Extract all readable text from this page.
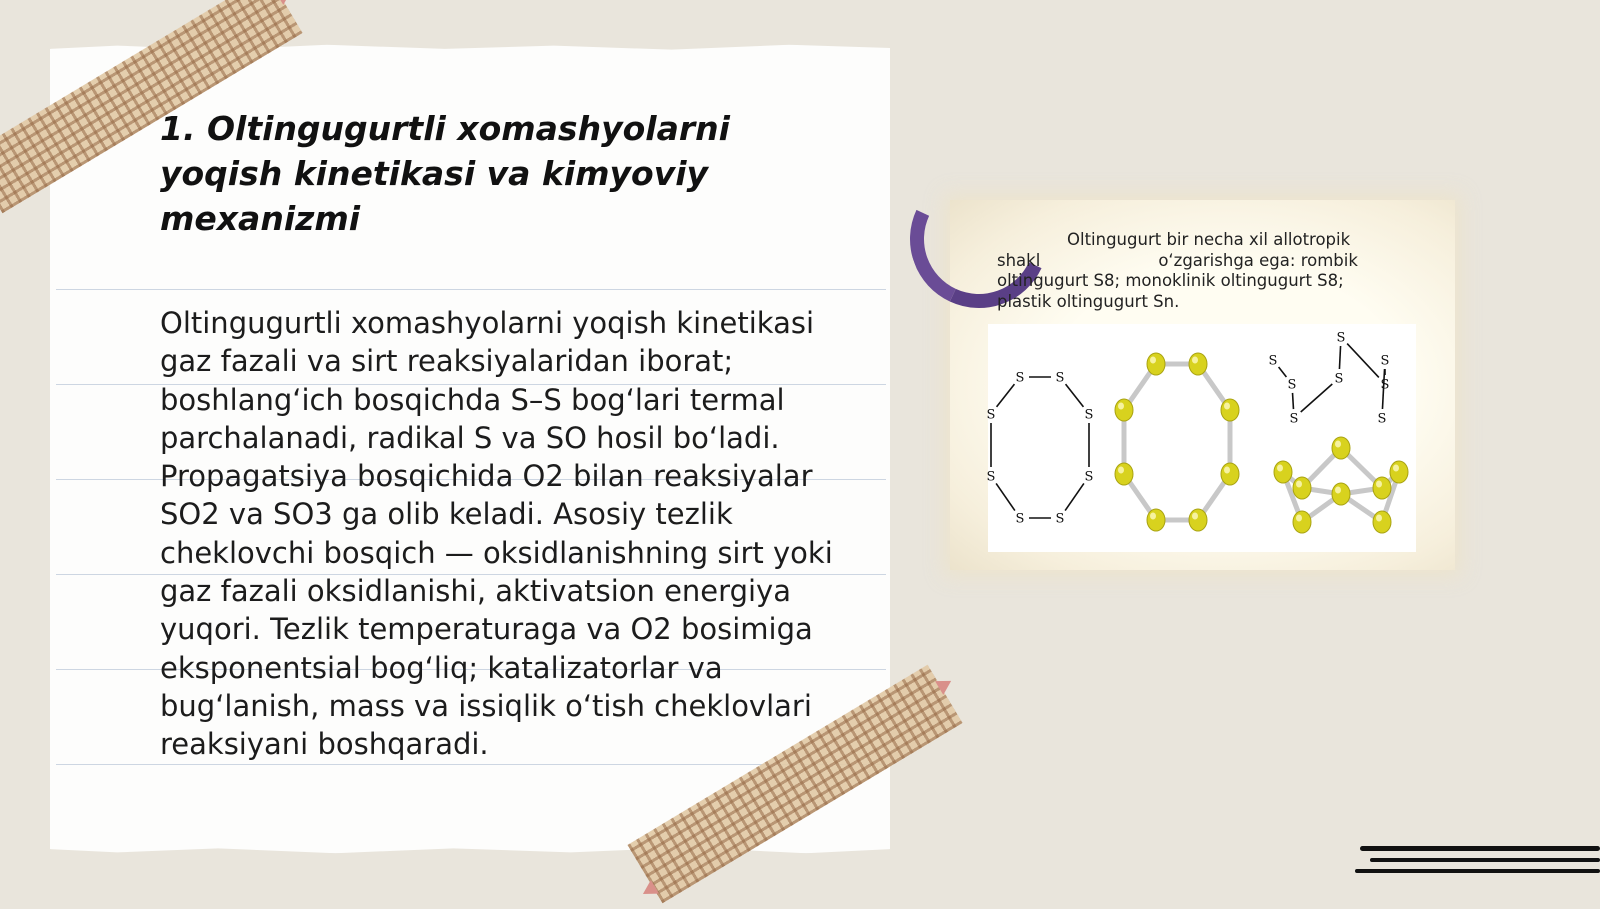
1. Oltingugurtli xomashyolarni yoqish kinetikasi va kimyoviy mexanizmi

Oltingugurtli xomashyolarni yoqish kinetikasi gaz fazali va sirt reaksiyalaridan iborat; boshlangʻich bosqichda S–S bogʻlari termal parchalanadi, radikal S va SO hosil boʻladi. Propagatsiya bosqichida O2 bilan reaksiyalar SO2 va SO3 ga olib keladi. Asosiy tezlik cheklovchi bosqich — oksidlanishning sirt yoki gaz fazali oksidlanishi, aktivatsion energiya yuqori. Tezlik temperaturaga va O2 bosimiga eksponentsial bogʻliq; katalizatorlar va bugʻlanish, mass va issiqlik oʻtish cheklovlari reaksiyani boshqaradi.

Oltingugurt bir necha xil allotropik
shakl	oʻzgarishga ega: rombik
oltingugurt S8; monoklinik oltingugurt S8;
plastik oltingugurt Sn.
S S
S
S
S
S
S
S
S
S
S
S
S
S
S
S
